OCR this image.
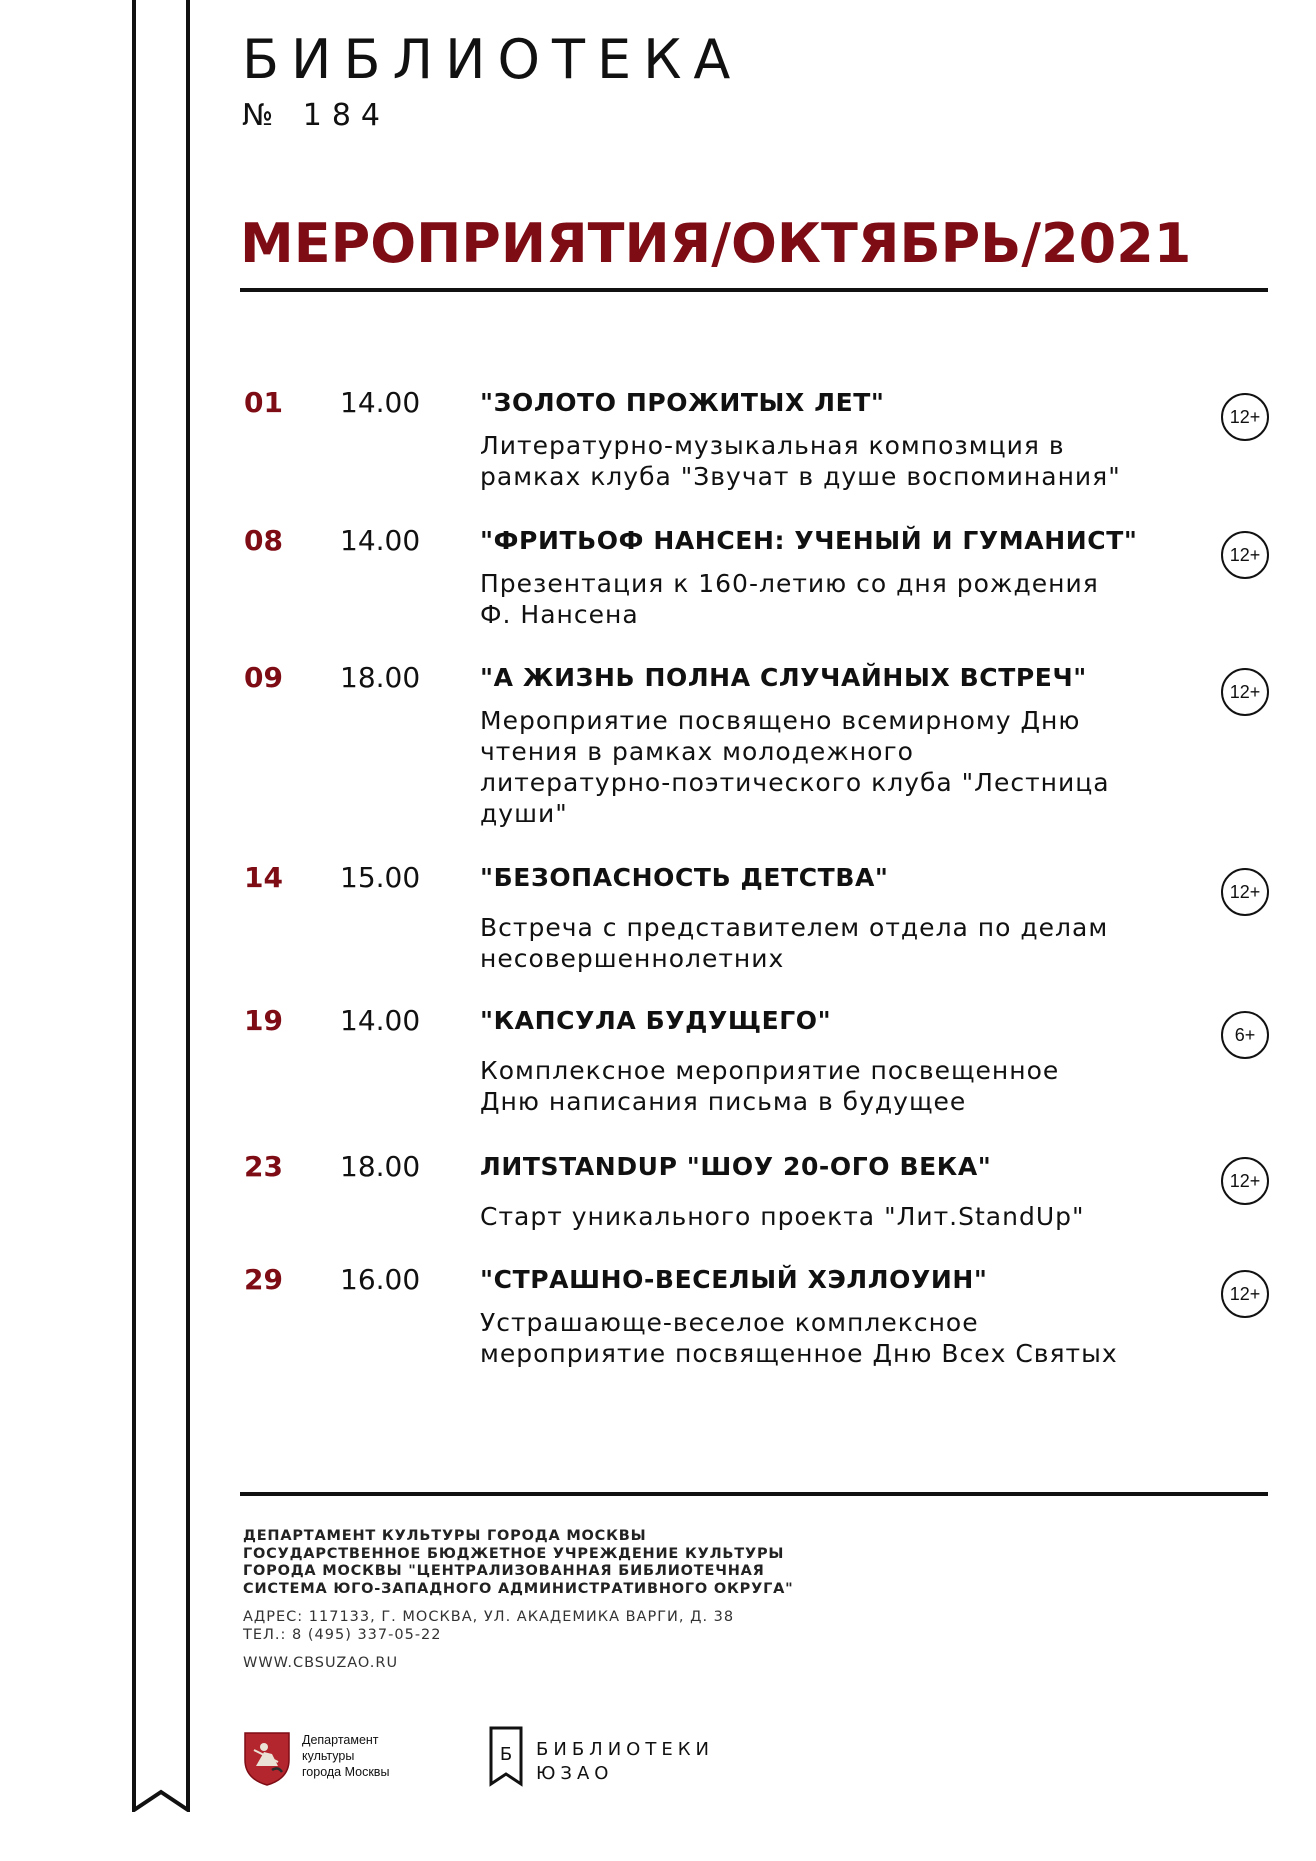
БИБЛИОТЕКА
№ 184
МЕРОПРИЯТИЯ/ОКТЯБРЬ/2021
01 14.00 "ЗОЛОТО ПРОЖИТЫХ ЛЕТ"
Литературно-музыкальная композмция в
рамках клуба "Звучат в душе воспоминания"
12+
08 14.00 "ФРИТЬОФ НАНСЕН: УЧЕНЫЙ И ГУМАНИСТ"
Презентация к 160-летию со дня рождения
Ф. Нансена
12+
09 18.00 "А ЖИЗНЬ ПОЛНА СЛУЧАЙНЫХ ВСТРЕЧ"
Мероприятие посвящено всемирному Дню
чтения в рамках молодежного
литературно-поэтического клуба "Лестница
души"
12+
14 15.00 "БЕЗОПАСНОСТЬ ДЕТСТВА"
Встреча с представителем отдела по делам
несовершеннолетних
12+
19 14.00 "КАПСУЛА БУДУЩЕГО"
Комплексное мероприятие посвещенное
Дню написания письма в будущее
6+
23 18.00 ЛИТSTANDUP "ШОУ 20-ОГО ВЕКА"
Старт уникального проекта "Лит.StandUp"
12+
29 16.00 "СТРАШНО-ВЕСЕЛЫЙ ХЭЛЛОУИН"
Устрашающе-веселое комплексное
мероприятие посвященное Дню Всех Святых
12+
ДЕПАРТАМЕНТ КУЛЬТУРЫ ГОРОДА МОСКВЫ
ГОСУДАРСТВЕННОЕ БЮДЖЕТНОЕ УЧРЕЖДЕНИЕ КУЛЬТУРЫ
ГОРОДА МОСКВЫ "ЦЕНТРАЛИЗОВАННАЯ БИБЛИОТЕЧНАЯ
СИСТЕМА ЮГО-ЗАПАДНОГО АДМИНИСТРАТИВНОГО ОКРУГА"
АДРЕС: 117133, Г. МОСКВА, УЛ. АКАДЕМИКА ВАРГИ, Д. 38
ТЕЛ.: 8 (495) 337-05-22
WWW.CBSUZAO.RU
Департамент
культуры
города Москвы
Б БИБЛИОТЕКИ
ЮЗАО
